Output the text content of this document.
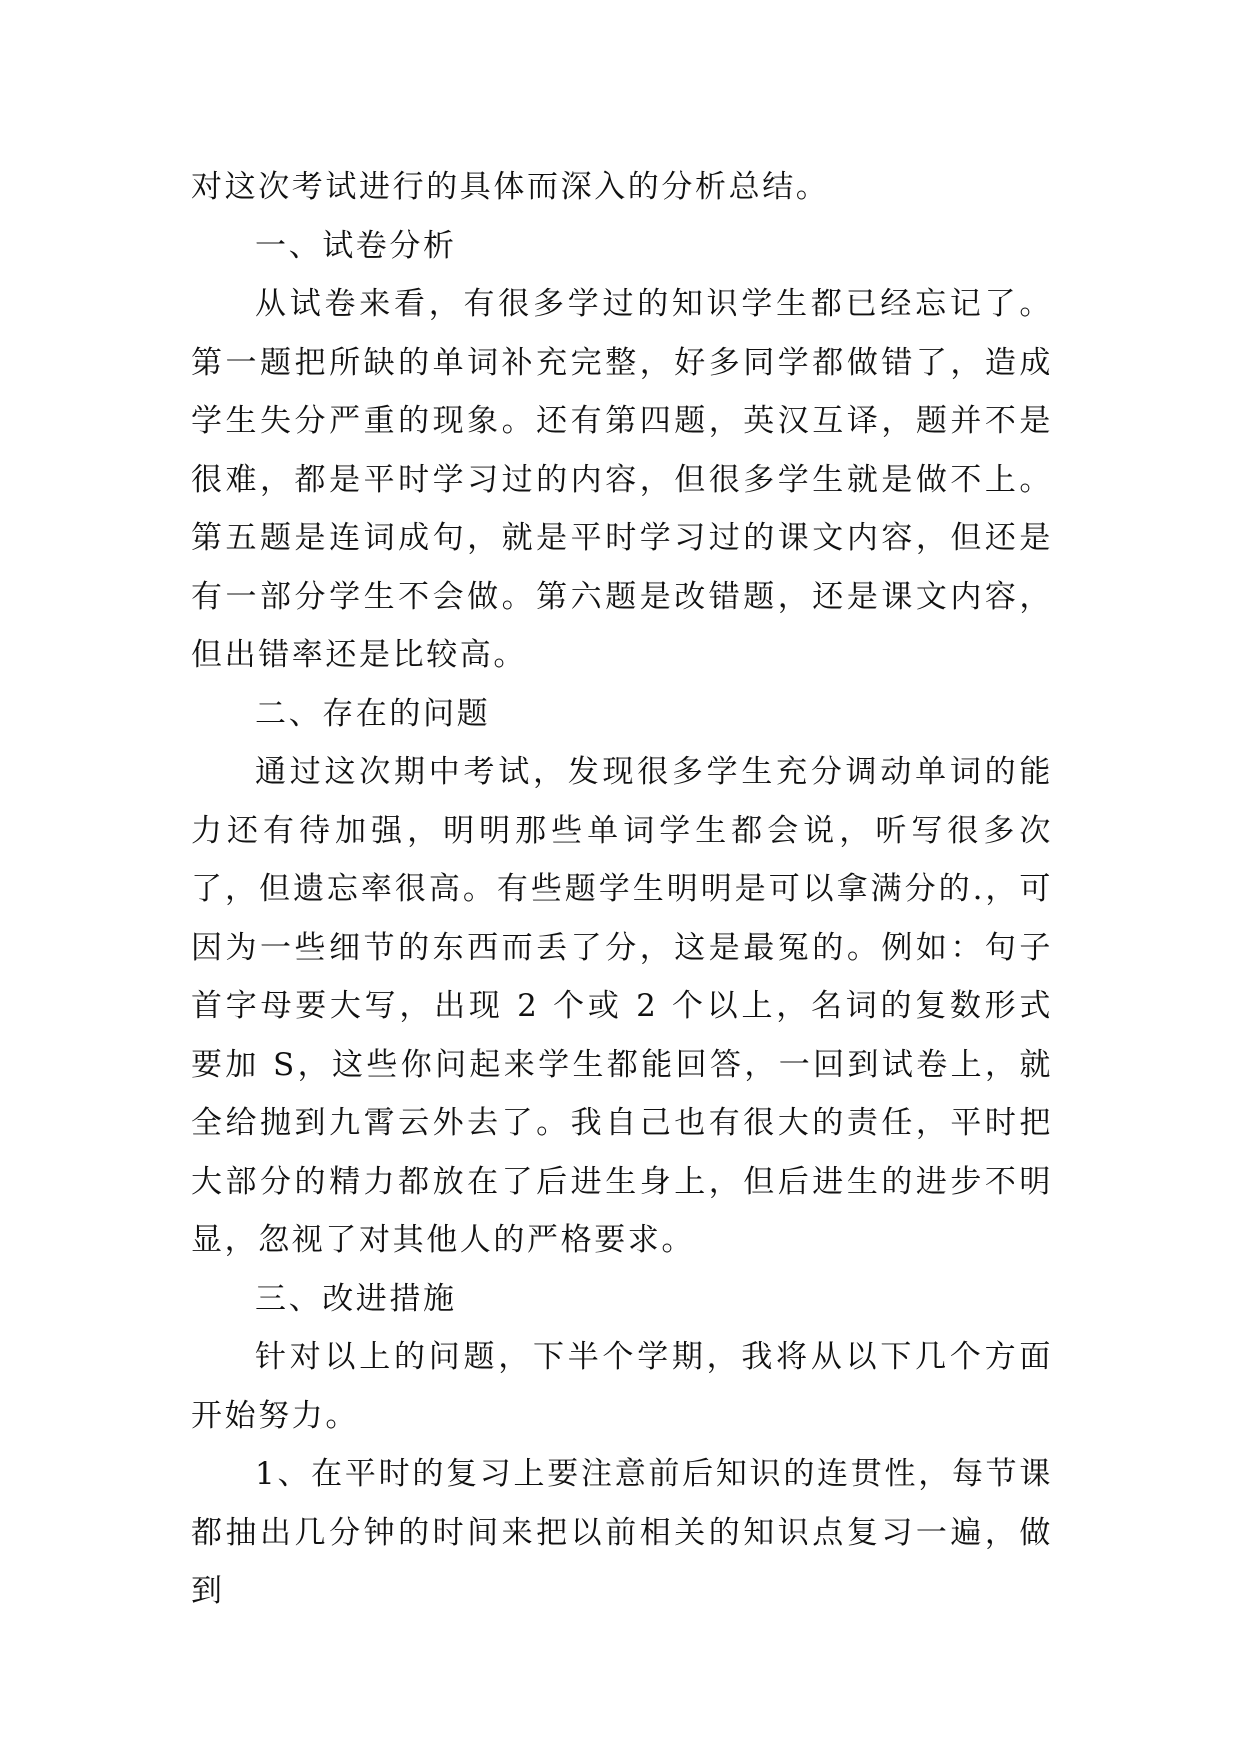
对这次考试进行的具体而深入的分析总结。

一、试卷分析

从试卷来看，有很多学过的知识学生都已经忘记了。第一题把所缺的单词补充完整，好多同学都做错了，造成学生失分严重的现象。还有第四题，英汉互译，题并不是很难，都是平时学习过的内容，但很多学生就是做不上。第五题是连词成句，就是平时学习过的课文内容，但还是有一部分学生不会做。第六题是改错题，还是课文内容，但出错率还是比较高。

二、存在的问题

通过这次期中考试，发现很多学生充分调动单词的能力还有待加强，明明那些单词学生都会说，听写很多次了，但遗忘率很高。有些题学生明明是可以拿满分的.，可因为一些细节的东西而丢了分，这是最冤的。例如：句子首字母要大写，出现 2 个或 2 个以上，名词的复数形式要加 S，这些你问起来学生都能回答，一回到试卷上，就全给抛到九霄云外去了。我自己也有很大的责任，平时把大部分的精力都放在了后进生身上，但后进生的进步不明显，忽视了对其他人的严格要求。

三、改进措施

针对以上的问题，下半个学期，我将从以下几个方面开始努力。

1、在平时的复习上要注意前后知识的连贯性，每节课都抽出几分钟的时间来把以前相关的知识点复习一遍，做到
